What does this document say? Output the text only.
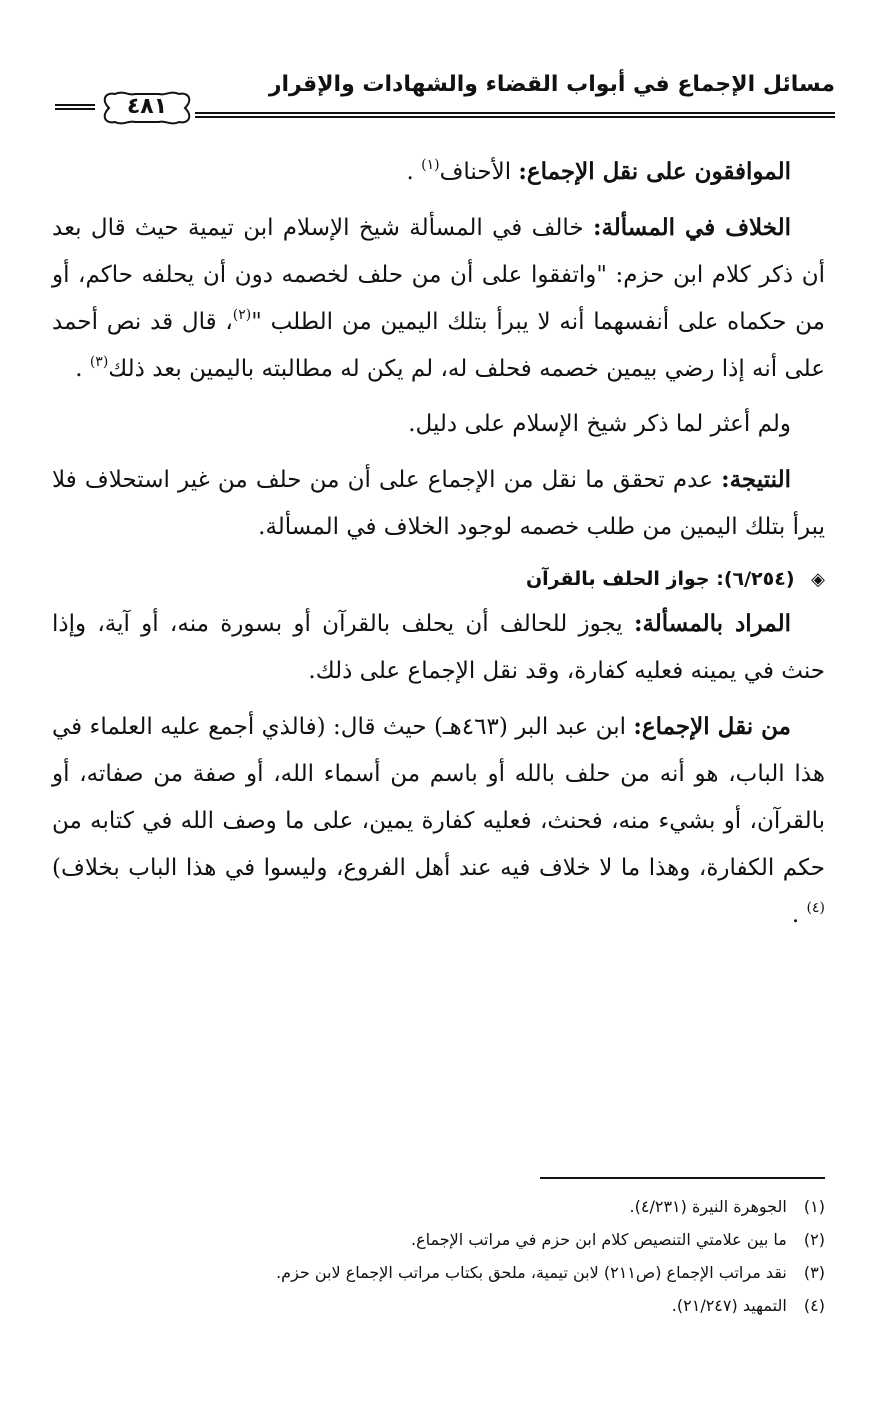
مسائل الإجماع في أبواب القضاء والشهادات والإقرار
٤٨١

الموافقون على نقل الإجماع: الأحناف$^{(١)}$ .

الخلاف في المسألة: خالف في المسألة شيخ الإسلام ابن تيمية حيث قال بعد أن ذكر كلام ابن حزم: "واتفقوا على أن من حلف لخصمه دون أن يحلفه حاكم، أو من حكماه على أنفسهما أنه لا يبرأ بتلك اليمين من الطلب "$^{(٢)}$، قال قد نص أحمد على أنه إذا رضي بيمين خصمه فحلف له، لم يكن له مطالبته باليمين بعد ذلك$^{(٣)}$ .

ولم أعثر لما ذكر شيخ الإسلام على دليل.

النتيجة: عدم تحقق ما نقل من الإجماع على أن من حلف من غير استحلاف فلا يبرأ بتلك اليمين من طلب خصمه لوجود الخلاف في المسألة.

◈ (٦/٢٥٤): جواز الحلف بالقرآن

المراد بالمسألة: يجوز للحالف أن يحلف بالقرآن أو بسورة منه، أو آية، وإذا حنث في يمينه فعليه كفارة، وقد نقل الإجماع على ذلك.

من نقل الإجماع: ابن عبد البر (٤٦٣هـ) حيث قال: (فالذي أجمع عليه العلماء في هذا الباب، هو أنه من حلف بالله أو باسم من أسماء الله، أو صفة من صفاته، أو بالقرآن، أو بشيء منه، فحنث، فعليه كفارة يمين، على ما وصف الله في كتابه من حكم الكفارة، وهذا ما لا خلاف فيه عند أهل الفروع، وليسوا في هذا الباب بخلاف)$^{(٤)}$ .

(١) الجوهرة النيرة (٤/٢٣١).
(٢) ما بين علامتي التنصيص كلام ابن حزم في مراتب الإجماع.
(٣) نقد مراتب الإجماع (ص٢١١) لابن تيمية، ملحق بكتاب مراتب الإجماع لابن حزم.
(٤) التمهيد (٢١/٢٤٧).
